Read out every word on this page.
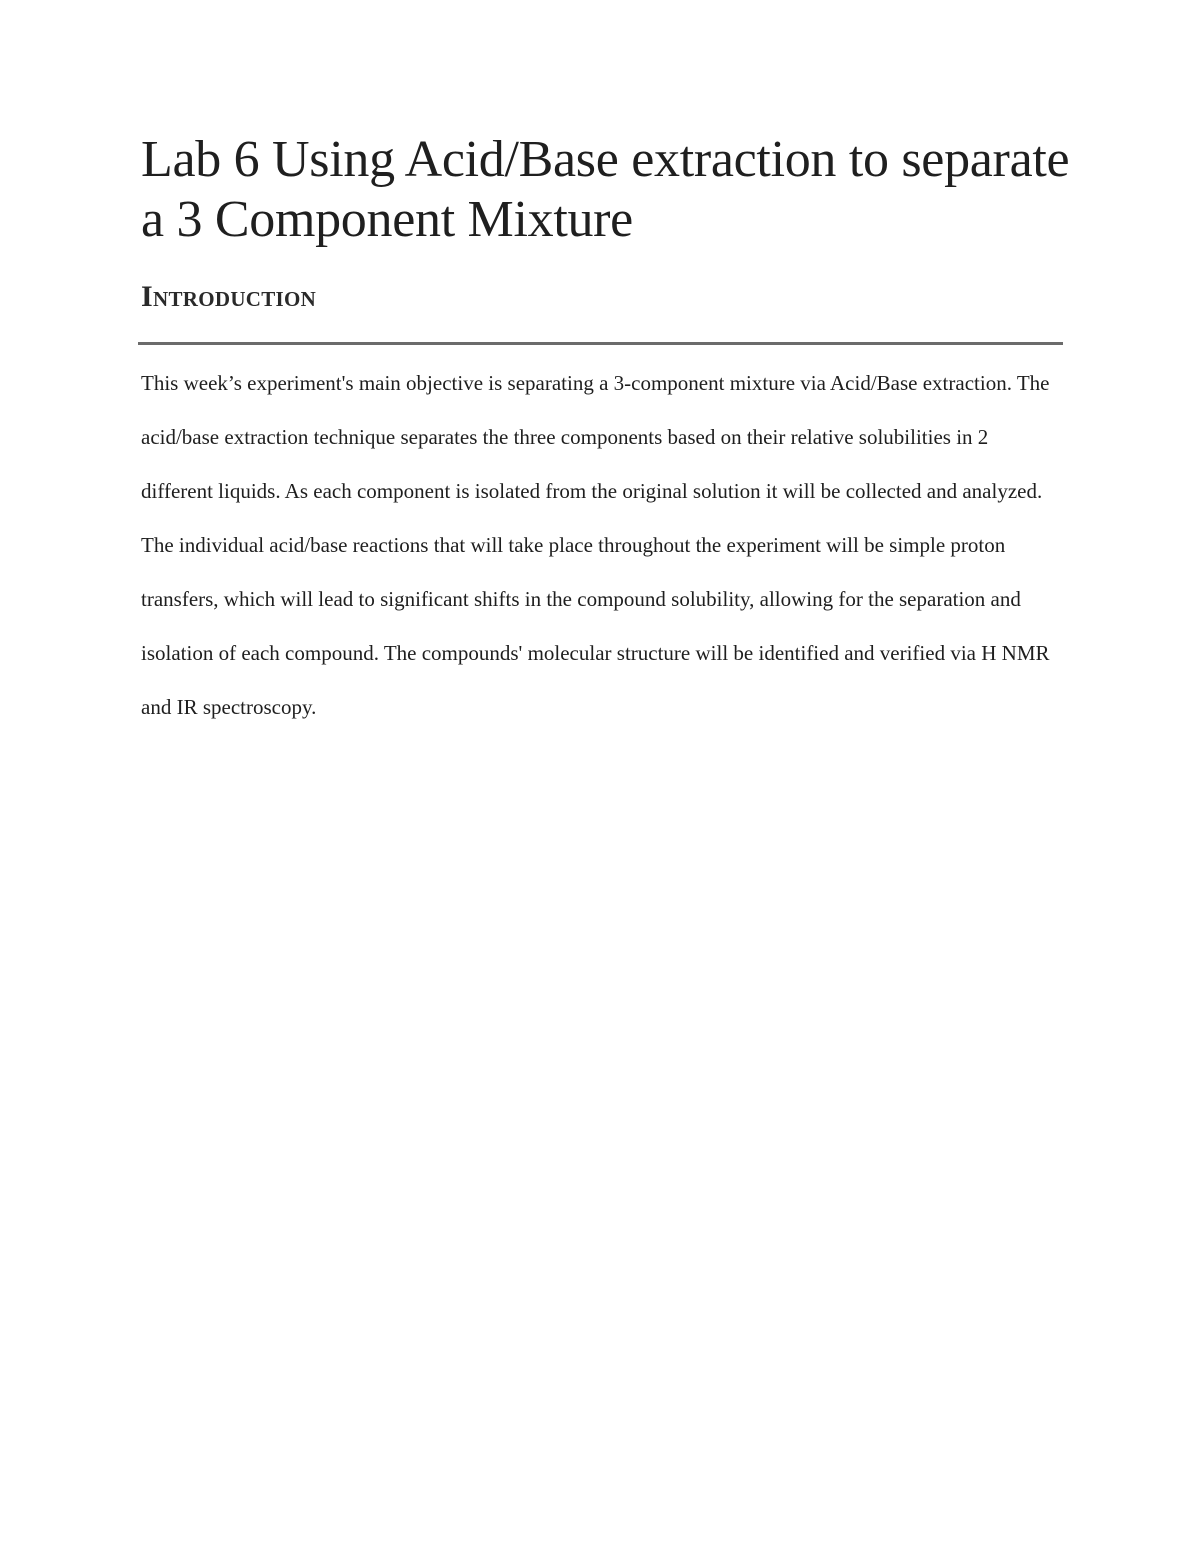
Lab 6 Using Acid/Base extraction to separate a 3 Component Mixture
Introduction

This week’s experiment's main objective is separating a 3-component mixture via Acid/Base extraction. The acid/base extraction technique separates the three components based on their relative solubilities in 2 different liquids. As each component is isolated from the original solution it will be collected and analyzed. The individual acid/base reactions that will take place throughout the experiment will be simple proton transfers, which will lead to significant shifts in the compound solubility, allowing for the separation and isolation of each compound. The compounds' molecular structure will be identified and verified via H NMR and IR spectroscopy.
